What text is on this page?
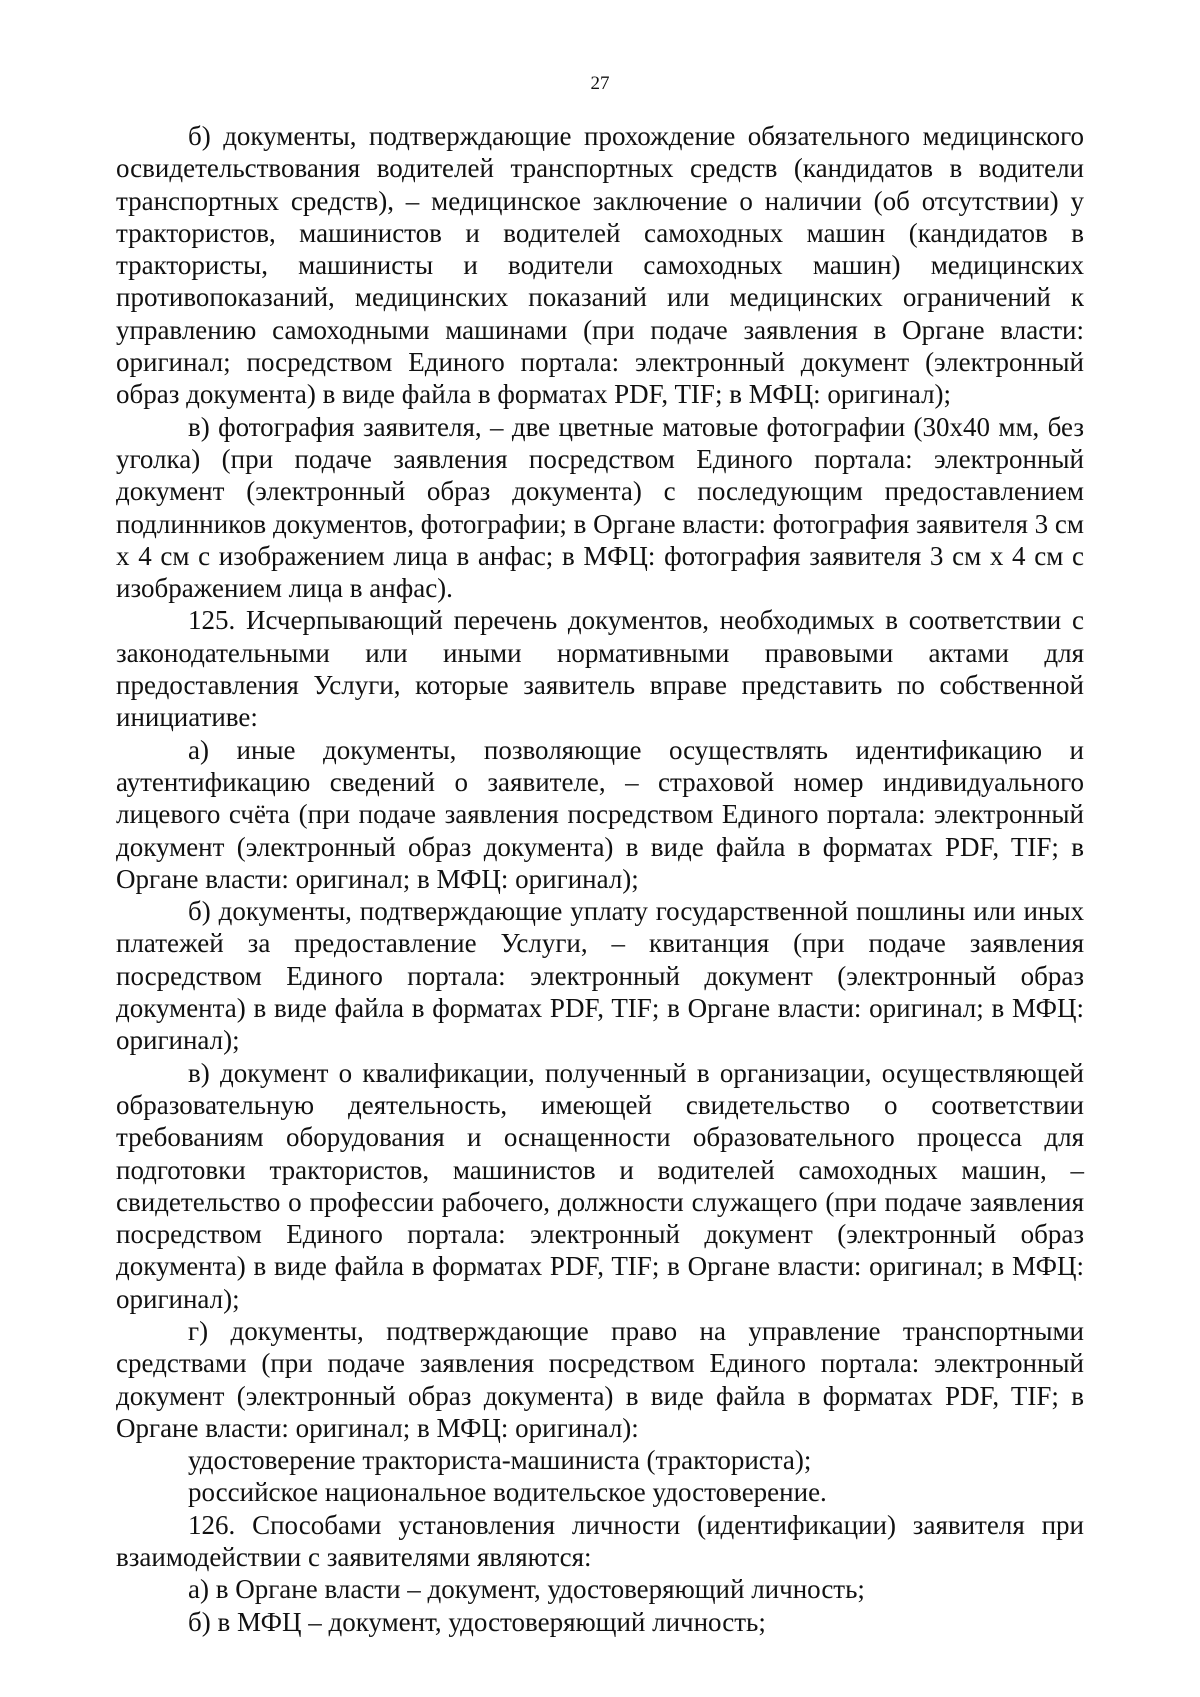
27

б) документы, подтверждающие прохождение обязательного медицинского освидетельствования водителей транспортных средств (кандидатов в водители транспортных средств), – медицинское заключение о наличии (об отсутствии) у трактористов, машинистов и водителей самоходных машин (кандидатов в трактористы, машинисты и водители самоходных машин) медицинских противопоказаний, медицинских показаний или медицинских ограничений к управлению самоходными машинами (при подаче заявления в Органе власти: оригинал; посредством Единого портала: электронный документ (электронный образ документа) в виде файла в форматах PDF, TIF; в МФЦ: оригинал);

в) фотография заявителя, – две цветные матовые фотографии (30х40 мм, без уголка) (при подаче заявления посредством Единого портала: электронный документ (электронный образ документа) с последующим предоставлением подлинников документов, фотографии; в Органе власти: фотография заявителя 3 см х 4 см с изображением лица в анфас; в МФЦ: фотография заявителя 3 см х 4 см с изображением лица в анфас).

125. Исчерпывающий перечень документов, необходимых в соответствии с законодательными или иными нормативными правовыми актами для предоставления Услуги, которые заявитель вправе представить по собственной инициативе:

а) иные документы, позволяющие осуществлять идентификацию и аутентификацию сведений о заявителе, – страховой номер индивидуального лицевого счёта (при подаче заявления посредством Единого портала: электронный документ (электронный образ документа) в виде файла в форматах PDF, TIF; в Органе власти: оригинал; в МФЦ: оригинал);

б) документы, подтверждающие уплату государственной пошлины или иных платежей за предоставление Услуги, – квитанция (при подаче заявления посредством Единого портала: электронный документ (электронный образ документа) в виде файла в форматах PDF, TIF; в Органе власти: оригинал; в МФЦ: оригинал);

в) документ о квалификации, полученный в организации, осуществляющей образовательную деятельность, имеющей свидетельство о соответствии требованиям оборудования и оснащенности образовательного процесса для подготовки трактористов, машинистов и водителей самоходных машин, – свидетельство о профессии рабочего, должности служащего (при подаче заявления посредством Единого портала: электронный документ (электронный образ документа) в виде файла в форматах PDF, TIF; в Органе власти: оригинал; в МФЦ: оригинал);

г) документы, подтверждающие право на управление транспортными средствами (при подаче заявления посредством Единого портала: электронный документ (электронный образ документа) в виде файла в форматах PDF, TIF; в Органе власти: оригинал; в МФЦ: оригинал):

удостоверение тракториста-машиниста (тракториста);

российское национальное водительское удостоверение.

126. Способами установления личности (идентификации) заявителя при взаимодействии с заявителями являются:

а) в Органе власти – документ, удостоверяющий личность;

б) в МФЦ – документ, удостоверяющий личность;
